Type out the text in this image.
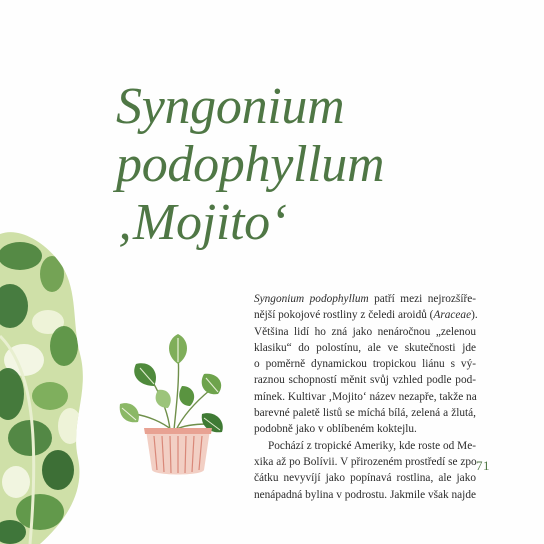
Syngonium
podophyllum
‚Mojito‘
Syngonium podophyllum patří mezi nejrozšíře-
nější pokojové rostliny z čeledi aroidů (Araceae).
Většina lidí ho zná jako nenáročnou „zelenou
klasiku“ do polostínu, ale ve skutečnosti jde
o poměrně dynamickou tropickou liánu s vý-
raznou schopností měnit svůj vzhled podle pod-
mínek. Kultivar ‚Mojito‘ název nezapře, takže na
barevné paletě listů se míchá bílá, zelená a žlutá,
podobně jako v oblíbeném koktejlu.
Pochází z tropické Ameriky, kde roste od Me-
xika až po Bolívii. V přirozeném prostředí se zpo-
čátku nevyvíjí jako popínavá rostlina, ale jako
nenápadná bylina v podrostu. Jakmile však najde
71
